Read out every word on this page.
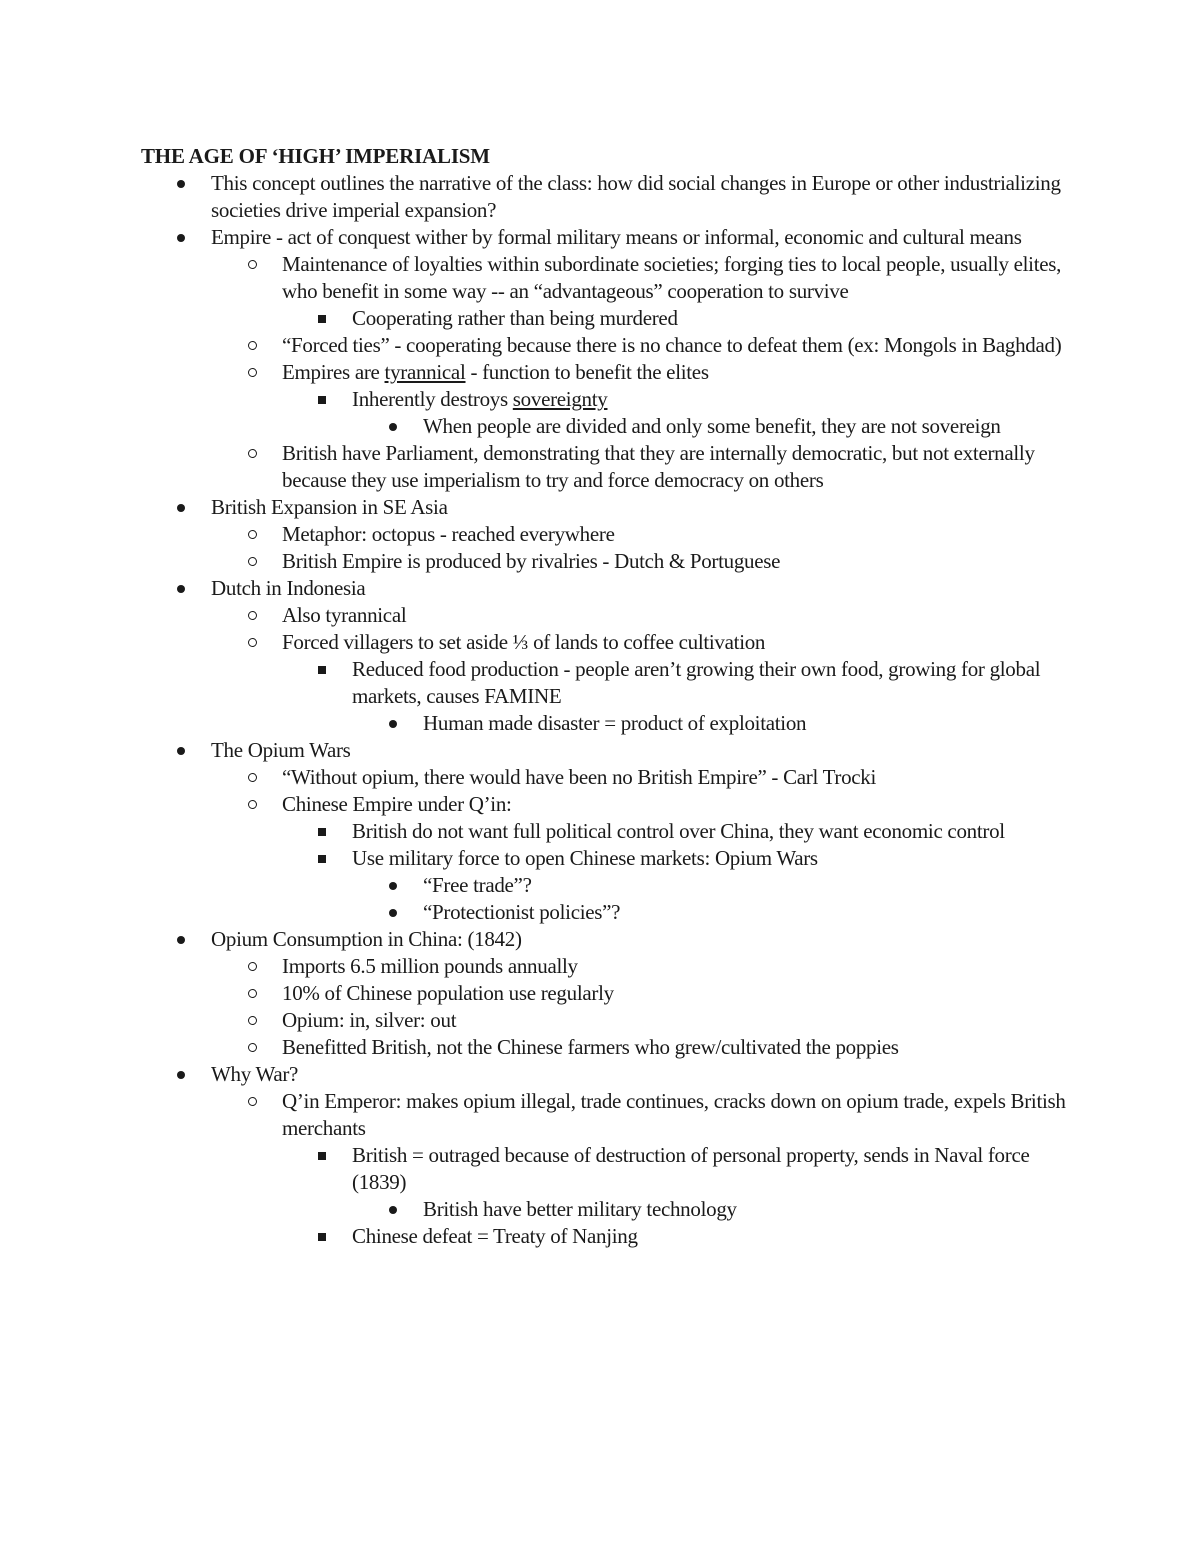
THE AGE OF ‘HIGH’ IMPERIALISM
This concept outlines the narrative of the class: how did social changes in Europe or other industrializing societies drive imperial expansion?
Empire - act of conquest wither by formal military means or informal, economic and cultural means
Maintenance of loyalties within subordinate societies; forging ties to local people, usually elites, who benefit in some way -- an “advantageous” cooperation to survive
Cooperating rather than being murdered
“Forced ties” - cooperating because there is no chance to defeat them (ex: Mongols in Baghdad)
Empires are tyrannical - function to benefit the elites
Inherently destroys sovereignty
When people are divided and only some benefit, they are not sovereign
British have Parliament, demonstrating that they are internally democratic, but not externally because they use imperialism to try and force democracy on others
British Expansion in SE Asia
Metaphor: octopus - reached everywhere
British Empire is produced by rivalries - Dutch & Portuguese
Dutch in Indonesia
Also tyrannical
Forced villagers to set aside ⅓ of lands to coffee cultivation
Reduced food production - people aren’t growing their own food, growing for global markets, causes FAMINE
Human made disaster = product of exploitation
The Opium Wars
“Without opium, there would have been no British Empire” - Carl Trocki
Chinese Empire under Q’in:
British do not want full political control over China, they want economic control
Use military force to open Chinese markets: Opium Wars
“Free trade”?
“Protectionist policies”?
Opium Consumption in China: (1842)
Imports 6.5 million pounds annually
10% of Chinese population use regularly
Opium: in, silver: out
Benefitted British, not the Chinese farmers who grew/cultivated the poppies
Why War?
Q’in Emperor: makes opium illegal, trade continues, cracks down on opium trade, expels British merchants
British = outraged because of destruction of personal property, sends in Naval force (1839)
British have better military technology
Chinese defeat = Treaty of Nanjing
